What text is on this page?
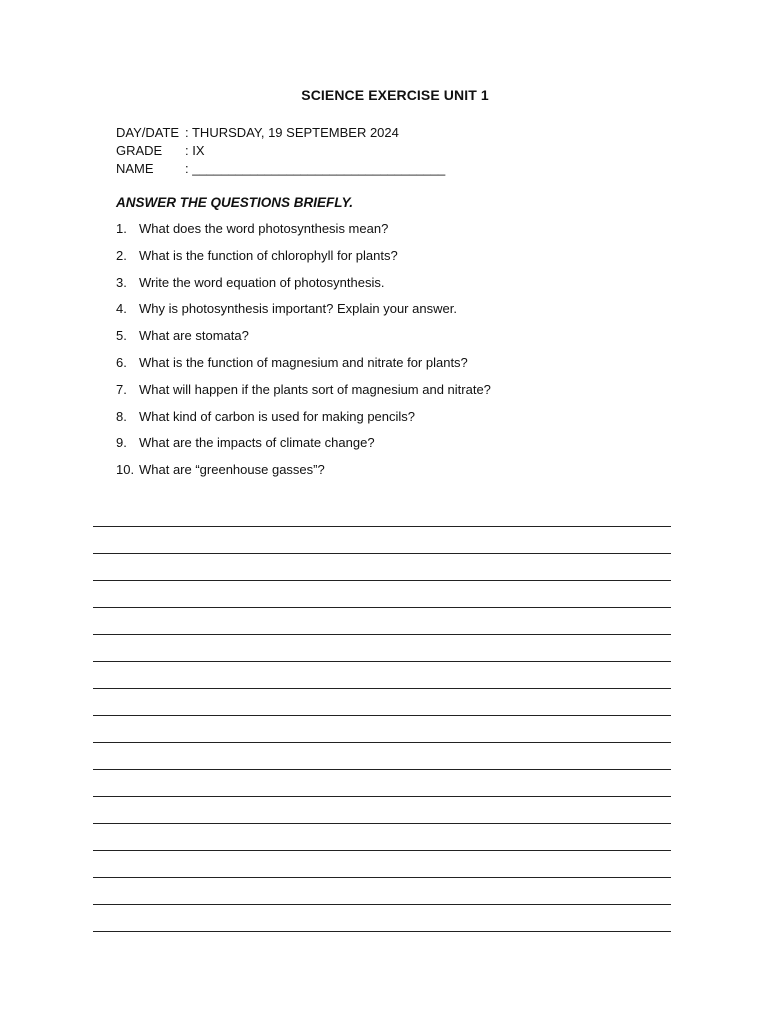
SCIENCE EXERCISE UNIT 1
DAY/DATE : THURSDAY, 19 SEPTEMBER 2024
GRADE	: IX
NAME	: ___________________________________
ANSWER THE QUESTIONS BRIEFLY.
1. What does the word photosynthesis mean?
2. What is the function of chlorophyll for plants?
3. Write the word equation of photosynthesis.
4. Why is photosynthesis important? Explain your answer.
5. What are stomata?
6. What is the function of magnesium and nitrate for plants?
7. What will happen if the plants sort of magnesium and nitrate?
8. What kind of carbon is used for making pencils?
9. What are the impacts of climate change?
10. What are “greenhouse gasses”?
